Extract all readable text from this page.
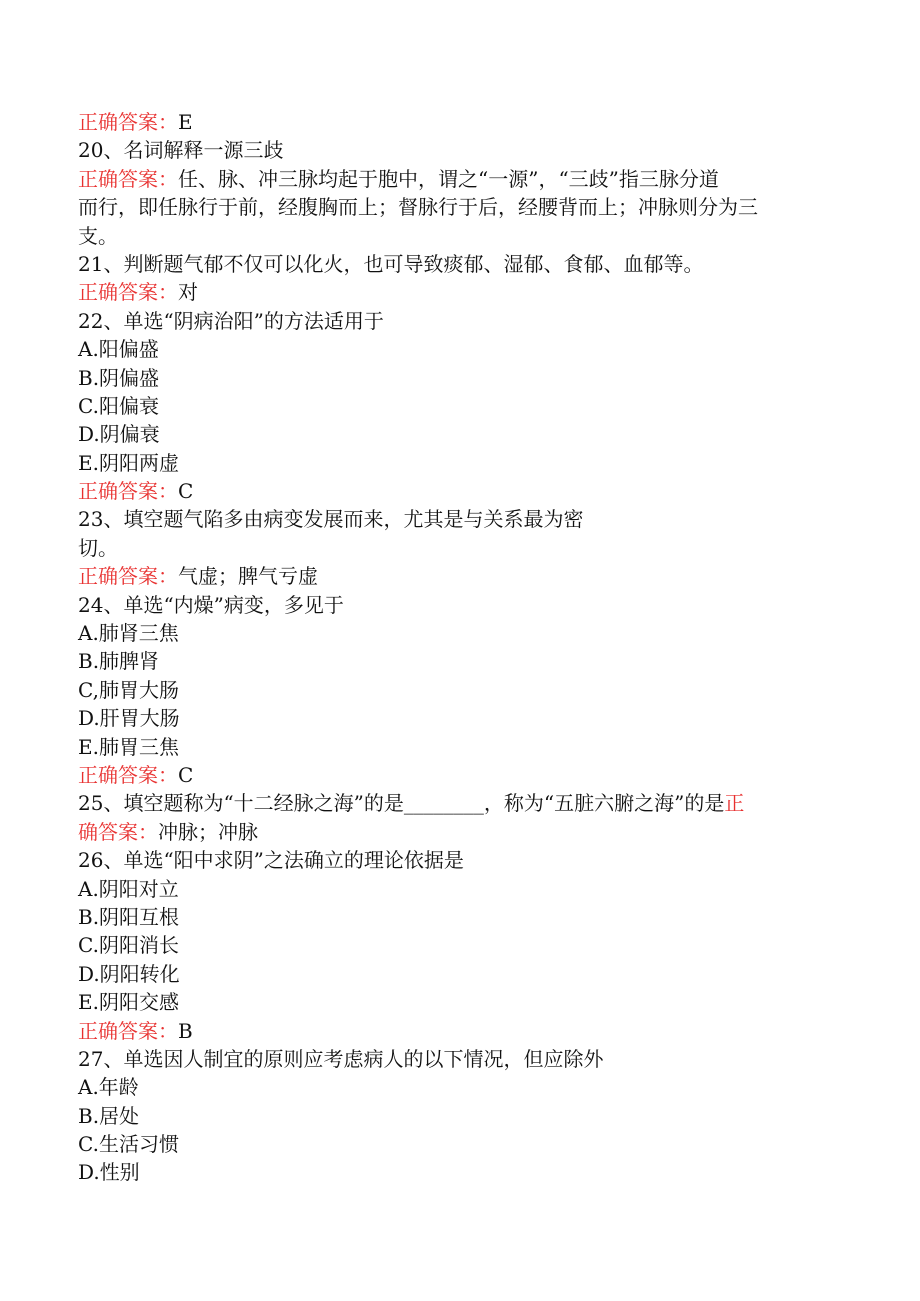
正确答案：E
20、名词解释一源三歧
正确答案：任、脉、冲三脉均起于胞中，谓之“一源”，“三歧”指三脉分道
而行，即任脉行于前，经腹胸而上；督脉行于后，经腰背而上；冲脉则分为三
支。
21、判断题气郁不仅可以化火，也可导致痰郁、湿郁、食郁、血郁等。
正确答案：对
22、单选“阴病治阳”的方法适用于
A.阳偏盛
B.阴偏盛
C.阳偏衰
D.阴偏衰
E.阴阳两虚
正确答案：C
23、填空题气陷多由病变发展而来，尤其是与关系最为密
切。
正确答案：气虚；脾气亏虚
24、单选“内燥”病变，多见于
A.肺肾三焦
B.肺脾肾
C,肺胃大肠
D.肝胃大肠
E.肺胃三焦
正确答案：C
25、填空题称为“十二经脉之海”的是________，称为“五脏六腑之海”的是正
确答案：冲脉；冲脉
26、单选“阳中求阴”之法确立的理论依据是
A.阴阳对立
B.阴阳互根
C.阴阳消长
D.阴阳转化
E.阴阳交感
正确答案：B
27、单选因人制宜的原则应考虑病人的以下情况，但应除外
A.年龄
B.居处
C.生活习惯
D.性别
